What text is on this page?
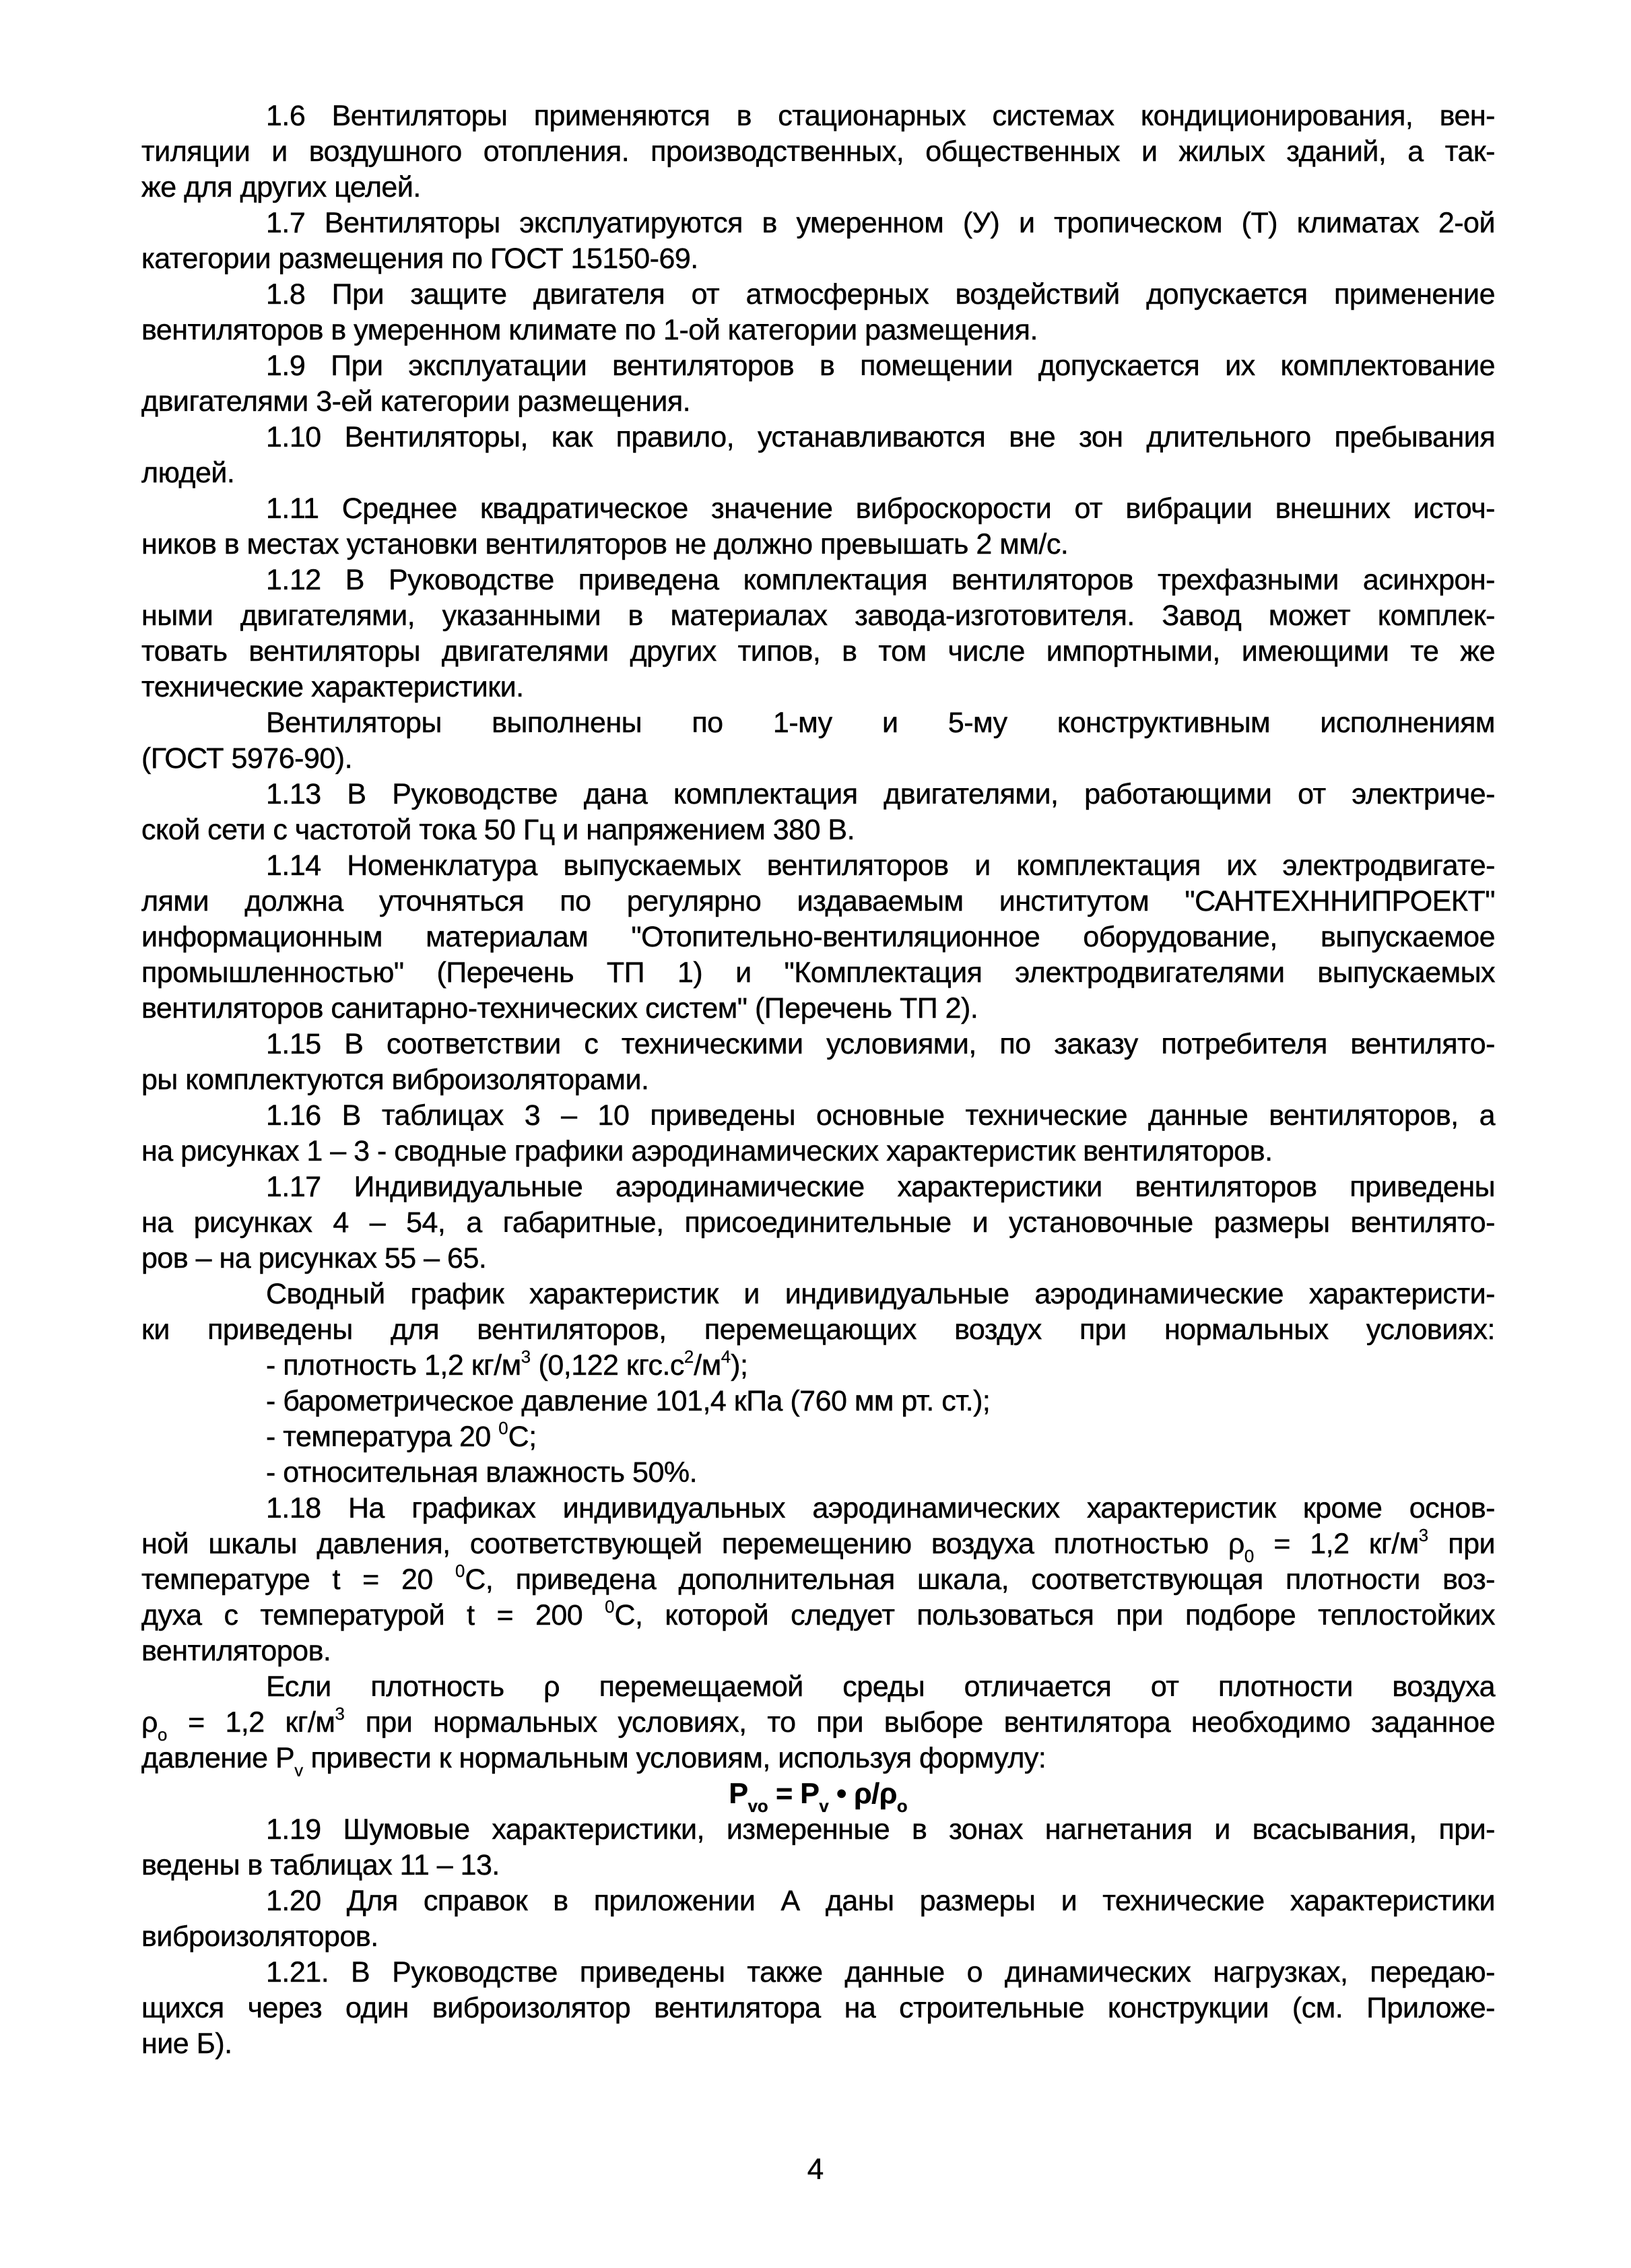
1.6 Вентиляторы применяются в стационарных системах кондиционирования, вен-
тиляции и воздушного отопления. производственных, общественных и жилых зданий, а так-
же для других целей.
1.7 Вентиляторы эксплуатируются в умеренном (У) и тропическом (Т) климатах 2-ой
категории размещения по ГОСТ 15150-69.
1.8 При защите двигателя от атмосферных воздействий допускается применение
вентиляторов в умеренном климате по 1-ой категории размещения.
1.9 При эксплуатации вентиляторов в помещении допускается их комплектование
двигателями 3-ей категории размещения.
1.10 Вентиляторы, как правило, устанавливаются вне зон длительного пребывания
людей.
1.11 Среднее квадратическое значение виброскорости от вибрации внешних источ-
ников в местах установки вентиляторов не должно превышать 2 мм/с.
1.12 В Руководстве приведена комплектация вентиляторов трехфазными асинхрон-
ными двигателями, указанными в материалах завода-изготовителя. Завод может комплек-
товать вентиляторы двигателями других типов, в том числе импортными, имеющими те же
технические характеристики.
Вентиляторы выполнены по 1-му и 5-му конструктивным исполнениям
(ГОСТ 5976-90).
1.13 В Руководстве дана комплектация двигателями, работающими от электриче-
ской сети с частотой тока 50 Гц и напряжением 380 В.
1.14 Номенклатура выпускаемых вентиляторов и комплектация их электродвигате-
лями должна уточняться по регулярно издаваемым институтом "САНТЕХННИПРОЕКТ"
информационным материалам "Отопительно-вентиляционное оборудование, выпускаемое
промышленностью" (Перечень ТП 1) и "Комплектация электродвигателями выпускаемых
вентиляторов санитарно-технических систем" (Перечень ТП 2).
1.15 В соответствии с техническими условиями, по заказу потребителя вентилято-
ры комплектуются виброизоляторами.
1.16 В таблицах 3 – 10 приведены основные технические данные вентиляторов, а
на рисунках 1 – 3 - сводные графики аэродинамических характеристик вентиляторов.
1.17 Индивидуальные аэродинамические характеристики вентиляторов приведены
на рисунках 4 – 54, а габаритные, присоединительные и установочные размеры вентилято-
ров – на рисунках 55 – 65.
Сводный график характеристик и индивидуальные аэродинамические характеристи-
ки приведены для вентиляторов, перемещающих воздух при нормальных условиях:
- плотность 1,2 $кг/м^3$ (0,122 $кгс.с^2/м^4$);
- барометрическое давление 101,4 кПа (760 мм рт. ст.);
- температура 20 $^0$С;
- относительная влажность 50%.
1.18 На графиках индивидуальных аэродинамических характеристик кроме основ-
ной шкалы давления, соответствующей перемещению воздуха плотностью $\rho_0 = 1,2$ $кг/м^3$ при
температуре t = 20 $^0$С, приведена дополнительная шкала, соответствующая плотности воз-
духа с температурой t = 200 $^0$С, которой следует пользоваться при подборе теплостойких
вентиляторов.
Если плотность ρ перемещаемой среды отличается от плотности воздуха
$\rho_o = 1,2$ $кг/м^3$ при нормальных условиях, то при выборе вентилятора необходимо заданное
давление $P_v$ привести к нормальным условиям, используя формулу:
$P_{vo} = P_v$ • $\rho/\rho_o$
1.19 Шумовые характеристики, измеренные в зонах нагнетания и всасывания, при-
ведены в таблицах 11 – 13.
1.20 Для справок в приложении А даны размеры и технические характеристики
виброизоляторов.
1.21. В Руководстве приведены также данные о динамических нагрузках, передаю-
щихся через один виброизолятор вентилятора на строительные конструкции (см. Приложе-
ние Б).
4
